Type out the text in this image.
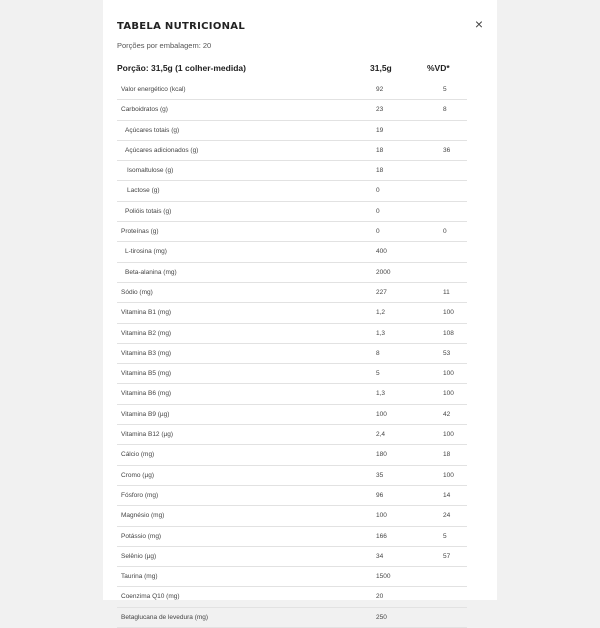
TABELA NUTRICIONAL	×
Porções por embalagem: 20
Porção: 31,5g (1 colher-medida)	31,5g	%VD*
Valor energético (kcal)	92	5
Carboidratos (g)	23	8
Açúcares totais (g)	19
Açúcares adicionados (g)	18	36
Isomaltulose (g)	18
Lactose (g)	0
Polióis totais (g)	0
Proteínas (g)	0	0
L-tirosina (mg)	400
Beta-alanina (mg)	2000
Sódio (mg)	227	11
Vitamina B1 (mg)	1,2	100
Vitamina B2 (mg)	1,3	108
Vitamina B3 (mg)	8	53
Vitamina B5 (mg)	5	100
Vitamina B6 (mg)	1,3	100
Vitamina B9 (µg)	100	42
Vitamina B12 (µg)	2,4	100
Cálcio (mg)	180	18
Cromo (µg)	35	100
Fósforo (mg)	96	14
Magnésio (mg)	100	24
Potássio (mg)	166	5
Selênio (µg)	34	57
Taurina (mg)	1500
Coenzima Q10 (mg)	20
Betaglucana de levedura (mg)	250
